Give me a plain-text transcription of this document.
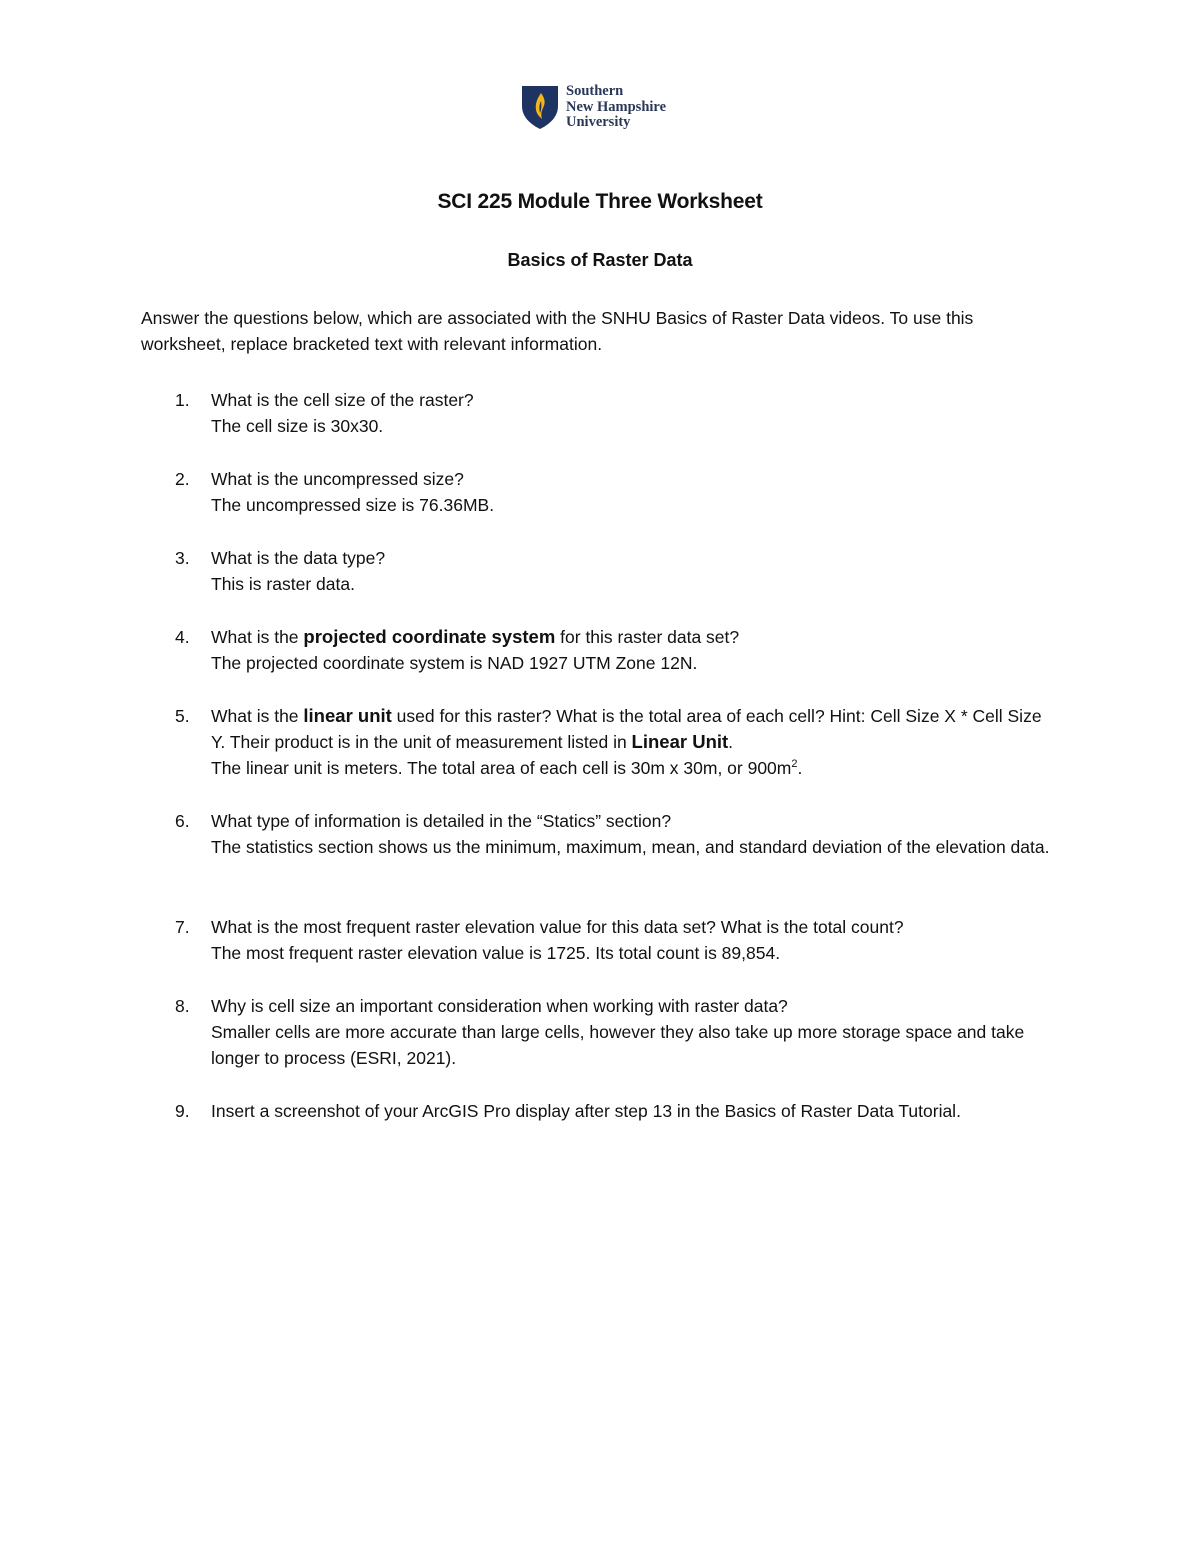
Southern
New Hampshire
University
SCI 225 Module Three Worksheet
Basics of Raster Data
Answer the questions below, which are associated with the SNHU Basics of Raster Data videos. To use this worksheet, replace bracketed text with relevant information.
1.	What is the cell size of the raster?
The cell size is 30x30.
2.	What is the uncompressed size?
The uncompressed size is 76.36MB.
3.	What is the data type?
This is raster data.
4.	What is the projected coordinate system for this raster data set?
The projected coordinate system is NAD 1927 UTM Zone 12N.
5.	What is the linear unit used for this raster? What is the total area of each cell? Hint: Cell Size X * Cell Size Y. Their product is in the unit of measurement listed in Linear Unit.
The linear unit is meters. The total area of each cell is 30m x 30m, or $900m^2$.
6.	What type of information is detailed in the “Statics” section?
The statistics section shows us the minimum, maximum, mean, and standard deviation of the elevation data.
7.	What is the most frequent raster elevation value for this data set? What is the total count?
The most frequent raster elevation value is 1725. Its total count is 89,854.
8.	Why is cell size an important consideration when working with raster data?
Smaller cells are more accurate than large cells, however they also take up more storage space and take longer to process (ESRI, 2021).
9.	Insert a screenshot of your ArcGIS Pro display after step 13 in the Basics of Raster Data Tutorial.
